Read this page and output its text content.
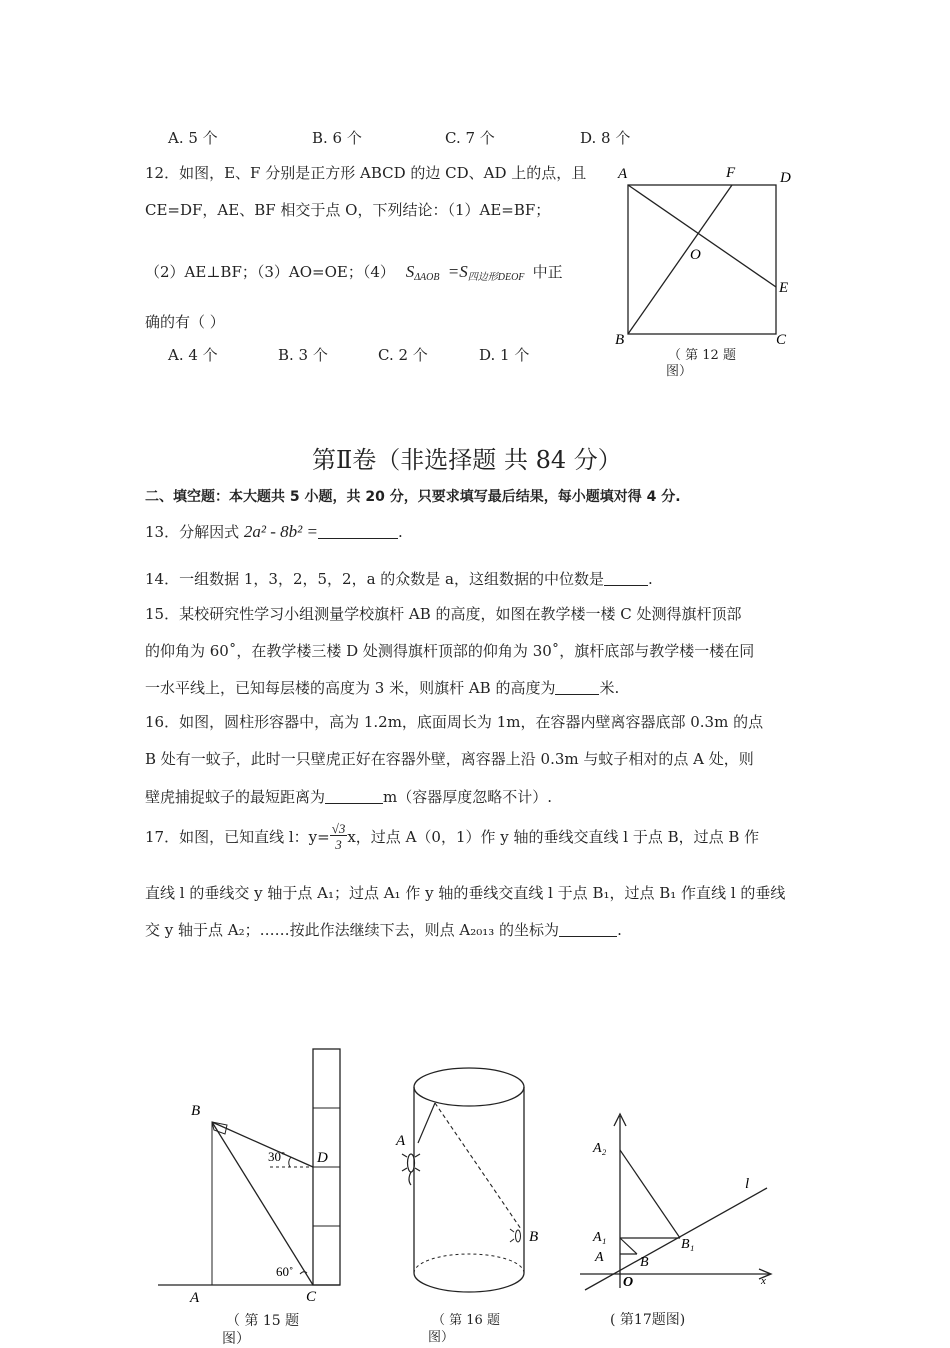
A. 5 个	B. 6 个	C. 7 个	D. 8 个
12．如图，E、F 分别是正方形 ABCD 的边 CD、AD 上的点，且
CE=DF，AE、BF 相交于点 O，下列结论：（1）AE=BF；
（2）AE⊥BF；（3）AO=OE；（4） $S_{\Delta AOB} =S_{四边形DEOF}$ 中正
确的有（ ）
A. 4 个	B. 3 个	C. 2 个	D. 1 个
A	F	D
O
E
B	C
（ 第 12 题
图）
第Ⅱ卷（非选择题 共 84 分）
二、填空题：本大题共 5 小题，共 20 分，只要求填写最后结果，每小题填对得 4 分.
13．分解因式 2a² - 8b² =	.
14．一组数据 1，3，2，5，2，a 的众数是 a，这组数据的中位数是	.
15．某校研究性学习小组测量学校旗杆 AB 的高度，如图在教学楼一楼 C 处测得旗杆顶部
的仰角为 60˚，在教学楼三楼 D 处测得旗杆顶部的仰角为 30˚，旗杆底部与教学楼一楼在同
一水平线上，已知每层楼的高度为 3 米，则旗杆 AB 的高度为	米.
16．如图，圆柱形容器中，高为 1.2m，底面周长为 1m，在容器内壁离容器底部 0.3m 的点
B 处有一蚊子，此时一只壁虎正好在容器外壁，离容器上沿 0.3m 与蚊子相对的点 A 处，则
壁虎捕捉蚊子的最短距离为	m（容器厚度忽略不计）.
17．如图，已知直线 l：$y= \frac{√3}{3}$ x，过点 A（0，1）作 y 轴的垂线交直线 l 于点 B，过点 B 作
直线 l 的垂线交 y 轴于点 A₁；过点 A₁ 作 y 轴的垂线交直线 l 于点 B₁，过点 B₁ 作直线 l 的垂线
交 y 轴于点 A₂；……按此作法继续下去，则点 A₂₀₁₃ 的坐标为	.
B
D
30˚
60˚
A	C
（ 第 15 题
图）
A
B
（ 第 16 题
图）
A₂
A₁
A	B
B₁
O
l
x
( 第17题图)
